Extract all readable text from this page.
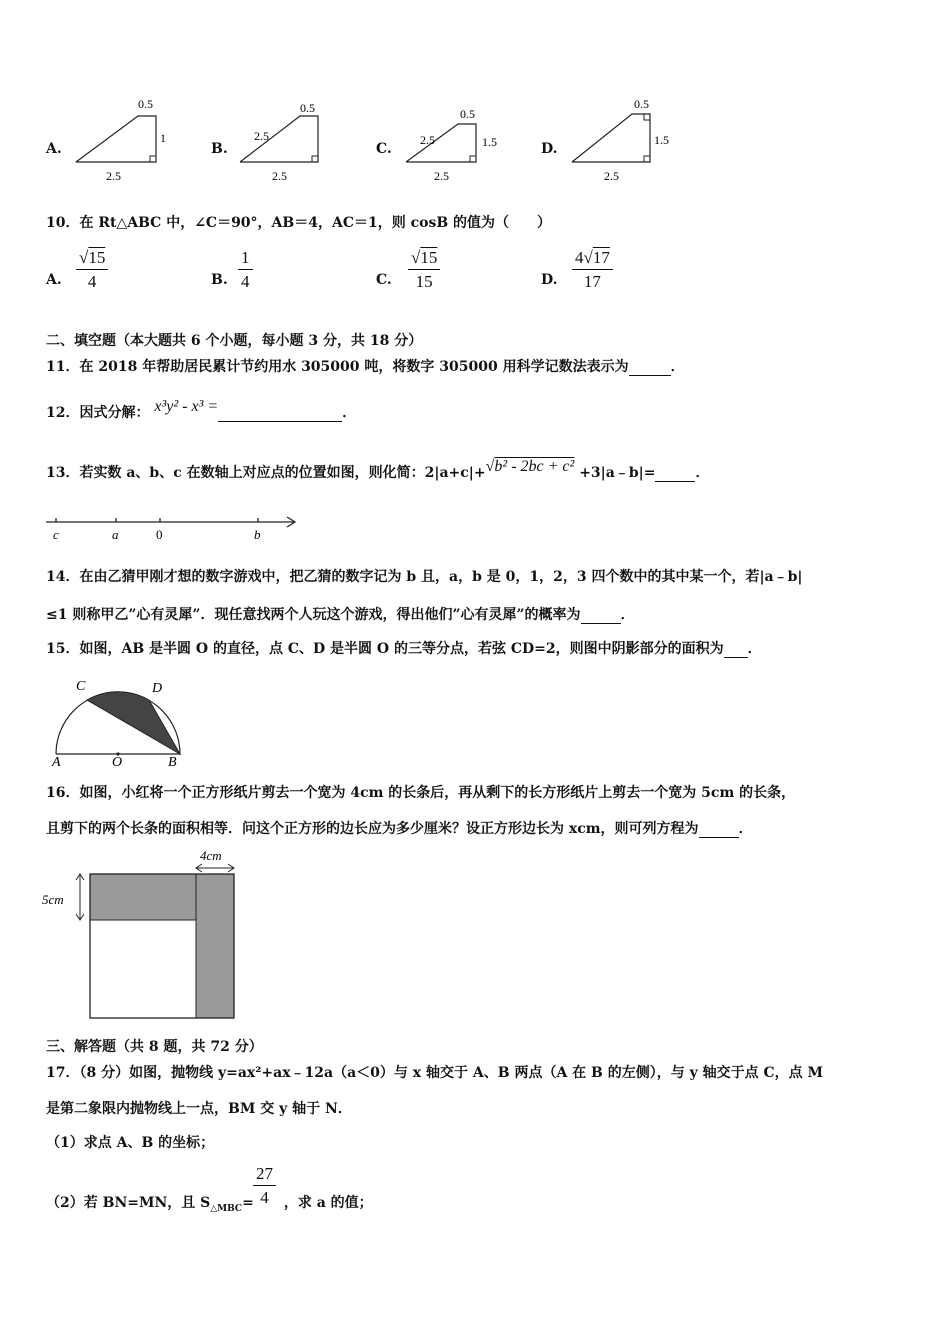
A.
0.5
1
2.5
B.
0.5
2.5
2.5
C.
0.5
1.5
2.5
2.5
D.
0.5
1.5
2.5
10．在 Rt△ABC 中，∠C＝90°，AB＝4，AC＝1，则 cosB 的值为（　　）
A. $\frac{√15}{4}$	B. $\frac{1}{4}$	C. $\frac{√15}{15}$	D. $\frac{4√17}{17}$
二、填空题（本大题共 6 个小题，每小题 3 分，共 18 分）
11．在 2018 年帮助居民累计节约用水 305000 吨，将数字 305000 用科学记数法表示为	．
12．因式分解： x³y² - x³ =	．
13．若实数 a、b、c 在数轴上对应点的位置如图，则化简：2|a+c|+√b² - 2bc + c² +3|a﹣b|=	．
c	a	0	b
14．在由乙猜甲刚才想的数字游戏中，把乙猜的数字记为 b 且，a，b 是 0，1，2，3 四个数中的其中某一个，若|a﹣b|
≤1 则称甲乙”心有灵犀”．现任意找两个人玩这个游戏，得出他们”心有灵犀”的概率为	．
15．如图，AB 是半圆 O 的直径，点 C、D 是半圆 O 的三等分点，若弦 CD=2，则图中阴影部分的面积为 ．
C	D
A	O	B
16．如图，小红将一个正方形纸片剪去一个宽为 4cm 的长条后，再从剩下的长方形纸片上剪去一个宽为 5cm 的长条，
且剪下的两个长条的面积相等．问这个正方形的边长应为多少厘米？设正方形边长为 xcm，则可列方程为	．
4cm
5cm
三、解答题（共 8 题，共 72 分）
17．（8 分）如图，抛物线 y=ax²+ax﹣12a（a＜0）与 x 轴交于 A、B 两点（A 在 B 的左侧），与 y 轴交于点 C，点 M
是第二象限内抛物线上一点，BM 交 y 轴于 N．
（1）求点 A、B 的坐标；
（2）若 BN=MN，且 $S_{\triangle MBC}=$ ，求 a 的值；
$\frac{27}{4}$
